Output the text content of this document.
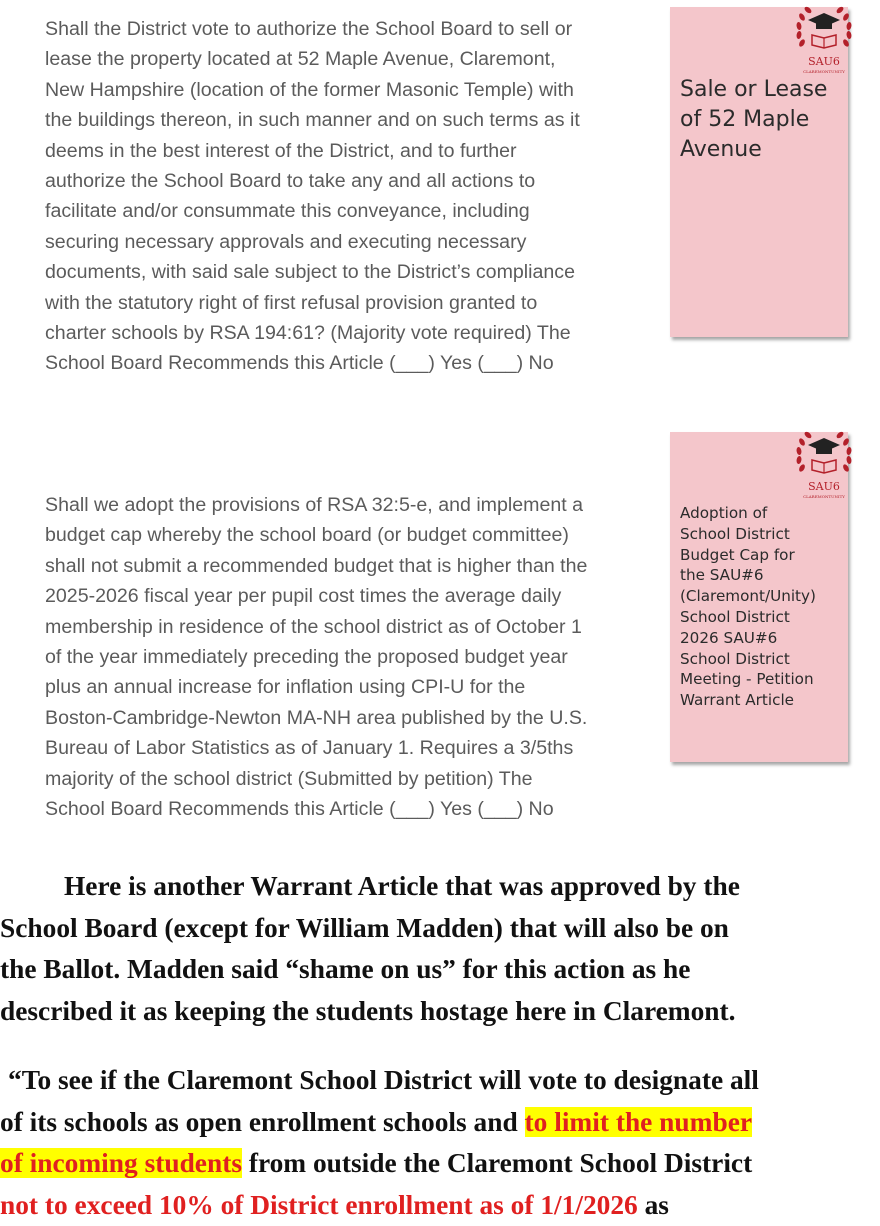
Shall the District vote to authorize the School Board to sell or
lease the property located at 52 Maple Avenue, Claremont,
New Hampshire (location of the former Masonic Temple) with
the buildings thereon, in such manner and on such terms as it
deems in the best interest of the District, and to further
authorize the School Board to take any and all actions to
facilitate and/or consummate this conveyance, including
securing necessary approvals and executing necessary
documents, with said sale subject to the District’s compliance
with the statutory right of first refusal provision granted to
charter schools by RSA 194:61? (Majority vote required) The
School Board Recommends this Article (___) Yes (___) No
SAU6
CLAREMONTUNITY
Sale or Lease
of 52 Maple
Avenue
Shall we adopt the provisions of RSA 32:5-e, and implement a
budget cap whereby the school board (or budget committee)
shall not submit a recommended budget that is higher than the
2025-2026 fiscal year per pupil cost times the average daily
membership in residence of the school district as of October 1
of the year immediately preceding the proposed budget year
plus an annual increase for inflation using CPI-U for the
Boston-Cambridge-Newton MA-NH area published by the U.S.
Bureau of Labor Statistics as of January 1. Requires a 3/5ths
majority of the school district (Submitted by petition) The
School Board Recommends this Article (___) Yes (___) No
SAU6
CLAREMONTUNITY
Adoption of
School District
Budget Cap for
the SAU#6
(Claremont/Unity)
School District
2026 SAU#6
School District
Meeting - Petition
Warrant Article
Here is another Warrant Article that was approved by the
School Board (except for William Madden) that will also be on
the Ballot. Madden said “shame on us” for this action as he
described it as keeping the students hostage here in Claremont.
“To see if the Claremont School District will vote to designate all
of its schools as open enrollment schools and to limit the number
of incoming students from outside the Claremont School District
not to exceed 10% of District enrollment as of 1/1/2026 as
